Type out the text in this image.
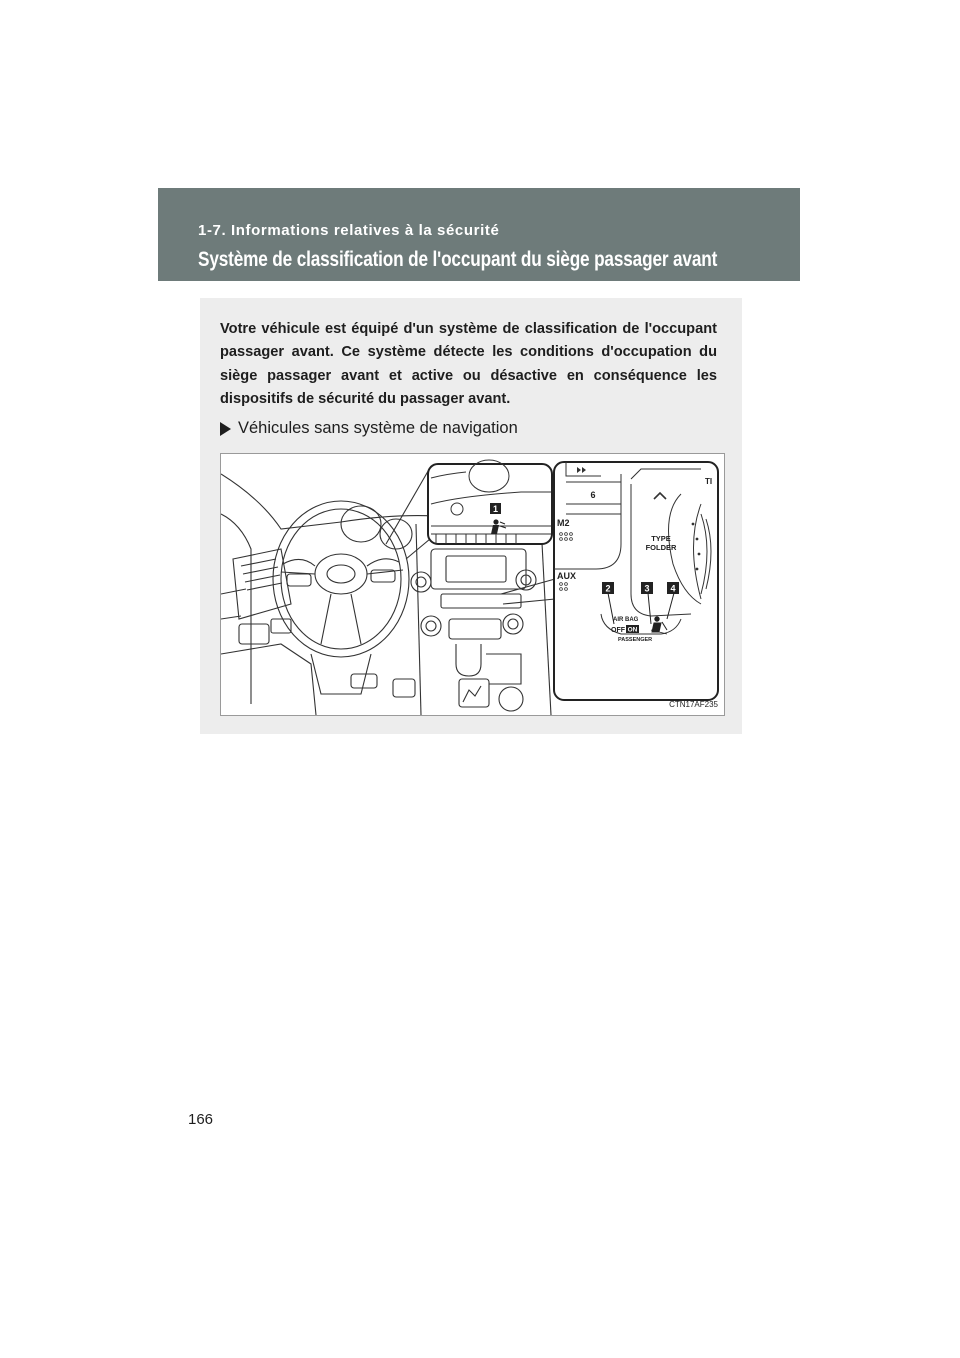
1-7. Informations relatives à la sécurité
Système de classification de l'occupant du siège passager avant
Votre véhicule est équipé d'un système de classification de l'occupant passager avant. Ce système détecte les conditions d'occupation du siège passager avant et active ou désactive en conséquence les dispositifs de sécurité du passager avant.
Véhicules sans système de navigation
1
6
TI
M2
TYPE
FOLDER
AUX
2	3 4
AIR BAG
OFF ON
PASSENGER
CTN17AF235
166
